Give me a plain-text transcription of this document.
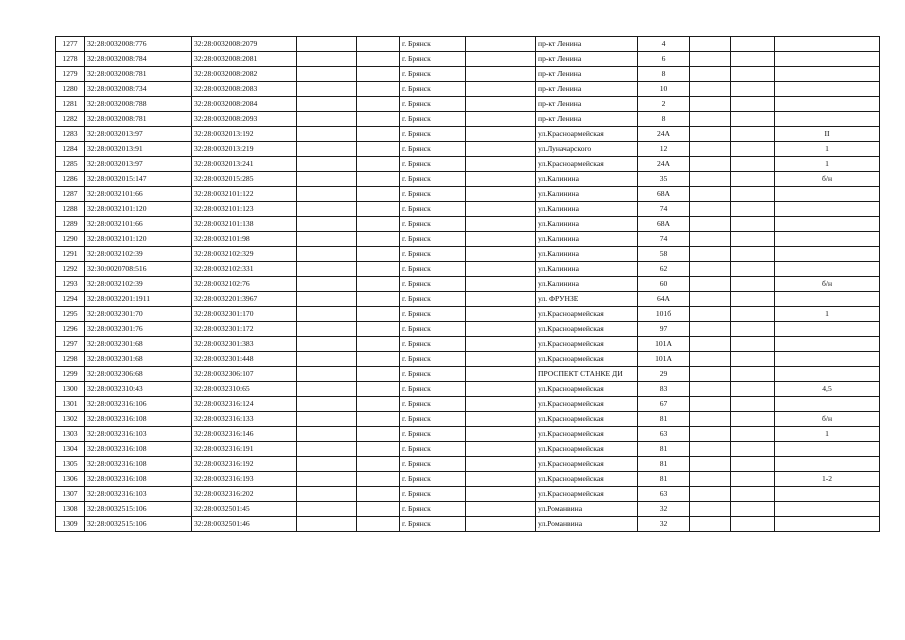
1277	32:28:0032008:776	32:28:0032008:2079			г. Брянск		пр-кт Ленина	4			
1278	32:28:0032008:784	32:28:0032008:2081			г. Брянск		пр-кт Ленина	6			
1279	32:28:0032008:781	32:28:0032008:2082			г. Брянск		пр-кт Ленина	8			
1280	32:28:0032008:734	32:28:0032008:2083			г. Брянск		пр-кт Ленина	10			
1281	32:28:0032008:788	32:28:0032008:2084			г. Брянск		пр-кт Ленина	2			
1282	32:28:0032008:781	32:28:0032008:2093			г. Брянск		пр-кт Ленина	8			
1283	32:28:0032013:97	32:28:0032013:192			г. Брянск		ул.Красноармейская	24А			II
1284	32:28:0032013:91	32:28:0032013:219			г. Брянск		ул.Луначарского	12			1
1285	32:28:0032013:97	32:28:0032013:241			г. Брянск		ул.Красноармейская	24А			1
1286	32:28:0032015:147	32:28:0032015:285			г. Брянск		ул.Калинина	35			б/н
1287	32:28:0032101:66	32:28:0032101:122			г. Брянск		ул.Калинина	68А			
1288	32:28:0032101:120	32:28:0032101:123			г. Брянск		ул.Калинина	74			
1289	32:28:0032101:66	32:28:0032101:138			г. Брянск		ул.Калинина	68А			
1290	32:28:0032101:120	32:28:0032101:98			г. Брянск		ул.Калинина	74			
1291	32:28:0032102:39	32:28:0032102:329			г. Брянск		ул.Калинина	58			
1292	32:30:0020708:516	32:28:0032102:331			г. Брянск		ул.Калинина	62			
1293	32:28:0032102:39	32:28:0032102:76			г. Брянск		ул.Калинина	60			б/н
1294	32:28:0032201:1911	32:28:0032201:3967			г. Брянск		ул. ФРУНЗЕ	64А			
1295	32:28:0032301:70	32:28:0032301:170			г. Брянск		ул.Красноармейская	101б			1
1296	32:28:0032301:76	32:28:0032301:172			г. Брянск		ул.Красноармейская	97			
1297	32:28:0032301:68	32:28:0032301:383			г. Брянск		ул.Красноармейская	101А			
1298	32:28:0032301:68	32:28:0032301:448			г. Брянск		ул.Красноармейская	101А			
1299	32:28:0032306:68	32:28:0032306:107			г. Брянск		ПРОСПЕКТ СТАНКЕ ДИ	29			
1300	32:28:0032310:43	32:28:0032310:65			г. Брянск		ул.Красноармейская	83			4,5
1301	32:28:0032316:106	32:28:0032316:124			г. Брянск		ул.Красноармейская	67			
1302	32:28:0032316:108	32:28:0032316:133			г. Брянск		ул.Красноармейская	81			б/н
1303	32:28:0032316:103	32:28:0032316:146			г. Брянск		ул.Красноармейская	63			1
1304	32:28:0032316:108	32:28:0032316:191			г. Брянск		ул.Красноармейская	81			
1305	32:28:0032316:108	32:28:0032316:192			г. Брянск		ул.Красноармейская	81			
1306	32:28:0032316:108	32:28:0032316:193			г. Брянск		ул.Красноармейская	81			1-2
1307	32:28:0032316:103	32:28:0032316:202			г. Брянск		ул.Красноармейская	63			
1308	32:28:0032515:106	32:28:0032501:45			г. Брянск		ул.Романвина	32			
1309	32:28:0032515:106	32:28:0032501:46			г. Брянск		ул.Романвина	32			
